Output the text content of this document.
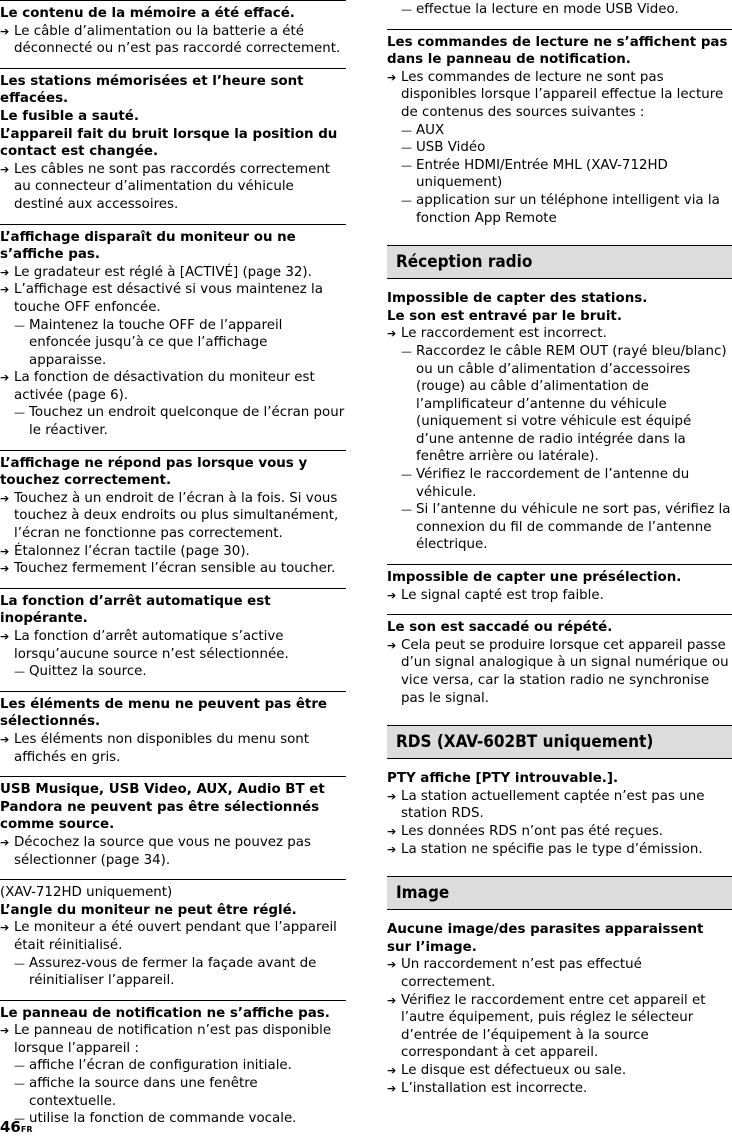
Le contenu de la mémoire a été effacé.
➔ Le câble d’alimentation ou la batterie a été déconnecté ou n’est pas raccordé correctement.
Les stations mémorisées et l’heure sont effacées.
Le fusible a sauté.
L’appareil fait du bruit lorsque la position du contact est changée.
➔ Les câbles ne sont pas raccordés correctement au connecteur d’alimentation du véhicule destiné aux accessoires.
L’affichage disparaît du moniteur ou ne s’affiche pas.
➔ Le gradateur est réglé à [ACTIVÉ] (page 32).
➔ L’affichage est désactivé si vous maintenez la touche OFF enfoncée.
— Maintenez la touche OFF de l’appareil enfoncée jusqu’à ce que l’affichage apparaisse.
➔ La fonction de désactivation du moniteur est activée (page 6).
— Touchez un endroit quelconque de l’écran pour le réactiver.
L’affichage ne répond pas lorsque vous y touchez correctement.
➔ Touchez à un endroit de l’écran à la fois. Si vous touchez à deux endroits ou plus simultanément, l’écran ne fonctionne pas correctement.
➔ Étalonnez l’écran tactile (page 30).
➔ Touchez fermement l’écran sensible au toucher.
La fonction d’arrêt automatique est inopérante.
➔ La fonction d’arrêt automatique s’active lorsqu’aucune source n’est sélectionnée.
— Quittez la source.
Les éléments de menu ne peuvent pas être sélectionnés.
➔ Les éléments non disponibles du menu sont affichés en gris.
USB Musique, USB Video, AUX, Audio BT et Pandora ne peuvent pas être sélectionnés comme source.
➔ Décochez la source que vous ne pouvez pas sélectionner (page 34).
(XAV-712HD uniquement)
L’angle du moniteur ne peut être réglé.
➔ Le moniteur a été ouvert pendant que l’appareil était réinitialisé.
— Assurez-vous de fermer la façade avant de réinitialiser l’appareil.
Le panneau de notification ne s’affiche pas.
➔ Le panneau de notification n’est pas disponible lorsque l’appareil :
— affiche l’écran de configuration initiale.
— affiche la source dans une fenêtre contextuelle.
— utilise la fonction de commande vocale.
— effectue la lecture en mode USB Video.
Les commandes de lecture ne s’affichent pas dans le panneau de notification.
➔ Les commandes de lecture ne sont pas disponibles lorsque l’appareil effectue la lecture de contenus des sources suivantes :
— AUX
— USB Vidéo
— Entrée HDMI/Entrée MHL (XAV-712HD uniquement)
— application sur un téléphone intelligent via la fonction App Remote
Réception radio
Impossible de capter des stations.
Le son est entravé par le bruit.
➔ Le raccordement est incorrect.
— Raccordez le câble REM OUT (rayé bleu/blanc) ou un câble d’alimentation d’accessoires (rouge) au câble d’alimentation de l’amplificateur d’antenne du véhicule (uniquement si votre véhicule est équipé d’une antenne de radio intégrée dans la fenêtre arrière ou latérale).
— Vérifiez le raccordement de l’antenne du véhicule.
— Si l’antenne du véhicule ne sort pas, vérifiez la connexion du fil de commande de l’antenne électrique.
Impossible de capter une présélection.
➔ Le signal capté est trop faible.
Le son est saccadé ou répété.
➔ Cela peut se produire lorsque cet appareil passe d’un signal analogique à un signal numérique ou vice versa, car la station radio ne synchronise pas le signal.
RDS (XAV-602BT uniquement)
PTY affiche [PTY introuvable.].
➔ La station actuellement captée n’est pas une station RDS.
➔ Les données RDS n’ont pas été reçues.
➔ La station ne spécifie pas le type d’émission.
Image
Aucune image/des parasites apparaissent sur l’image.
➔ Un raccordement n’est pas effectué correctement.
➔ Vérifiez le raccordement entre cet appareil et l’autre équipement, puis réglez le sélecteur d’entrée de l’équipement à la source correspondant à cet appareil.
➔ Le disque est défectueux ou sale.
➔ L’installation est incorrecte.
46FR
